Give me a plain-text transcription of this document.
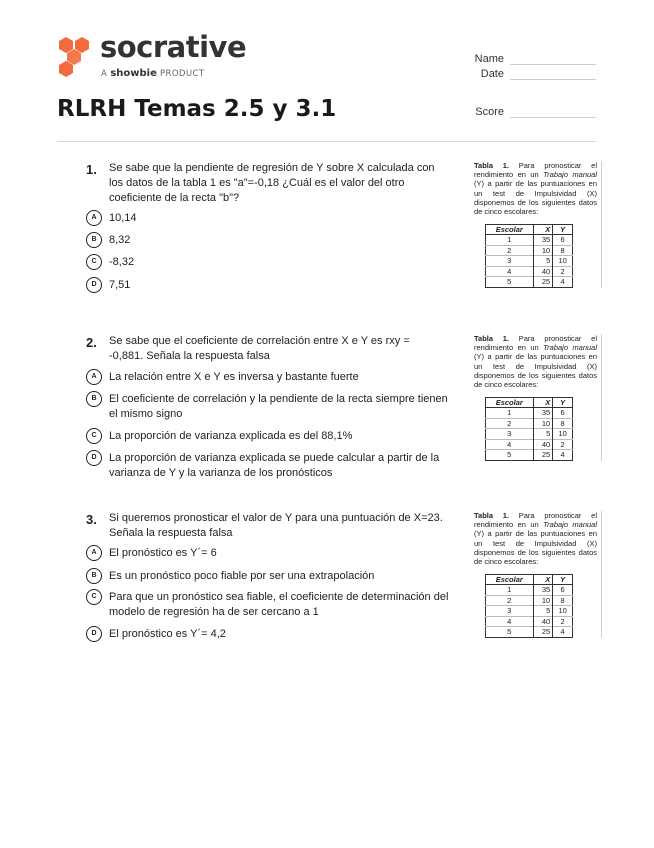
socrative
A showbie PRODUCT
Name
Date
Score
RLRH Temas 2.5 y 3.1
1. Se sabe que la pendiente de regresión de Y sobre X calculada con los datos de la tabla 1 es "a"=-0,18 ¿Cuál es el valor del otro coeficiente de la recta "b"?
A	10,14
B	8,32
C	-8,32
D	7,51
2. Se sabe que el coeficiente de correlación entre X e Y es rxy = -0,881. Señala la respuesta falsa
A	La relación entre X e Y es inversa y bastante fuerte
B	El coeficiente de correlación y la pendiente de la recta siempre tienen el mismo signo
C	La proporción de varianza explicada es del 88,1%
D	La proporción de varianza explicada se puede calcular a partir de la varianza de Y y la varianza de los pronósticos
3. Si queremos pronosticar el valor de Y para una puntuación de X=23. Señala la respuesta falsa
A	El pronóstico es Y´= 6
B	Es un pronóstico poco fiable por ser una extrapolación
C	Para que un pronóstico sea fiable, el coeficiente de determinación del modelo de regresión ha de ser cercano a 1
D	El pronóstico es Y´= 4,2
Tabla 1. Para pronosticar el rendimiento en un Trabajo manual (Y) a partir de las puntuaciones en un test de Impulsividad (X) disponemos de los siguientes datos de cinco escolares:
Escolar	X	Y
1	35	6
2	10	8
3	5	10
4	40	2
5	25	4
Tabla 1. Para pronosticar el rendimiento en un Trabajo manual (Y) a partir de las puntuaciones en un test de Impulsividad (X) disponemos de los siguientes datos de cinco escolares:
Escolar	X	Y
1	35	6
2	10	8
3	5	10
4	40	2
5	25	4
Tabla 1. Para pronosticar el rendimiento en un Trabajo manual (Y) a partir de las puntuaciones en un test de Impulsividad (X) disponemos de los siguientes datos de cinco escolares:
Escolar	X	Y
1	35	6
2	10	8
3	5	10
4	40	2
5	25	4
